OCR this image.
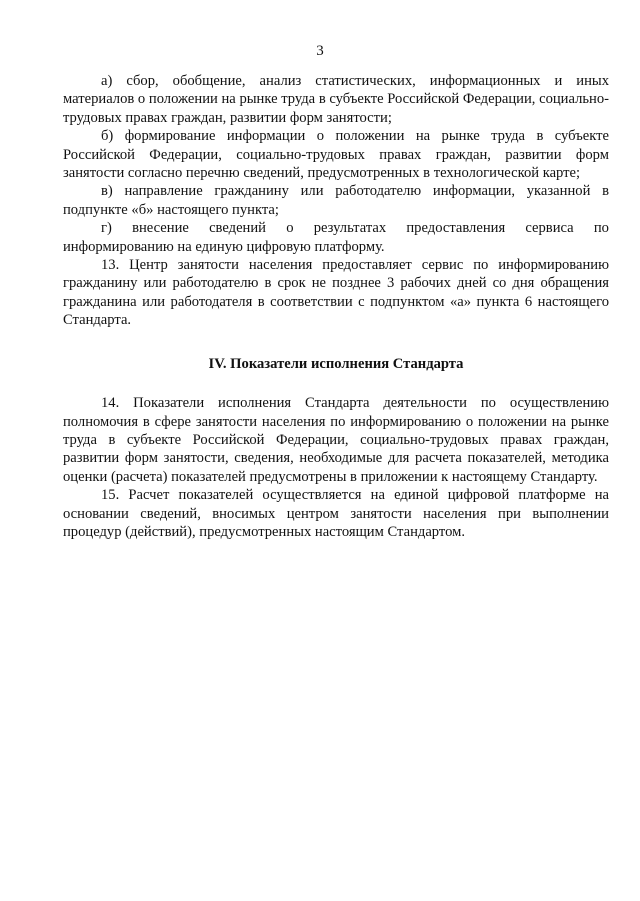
3

а) сбор, обобщение, анализ статистических, информационных и иных материалов о положении на рынке труда в субъекте Российской Федерации, социально-трудовых правах граждан, развитии форм занятости;

б) формирование информации о положении на рынке труда в субъекте Российской Федерации, социально-трудовых правах граждан, развитии форм занятости согласно перечню сведений, предусмотренных в технологической карте;

в) направление гражданину или работодателю информации, указанной в подпункте «б» настоящего пункта;

г) внесение сведений о результатах предоставления сервиса по

информированию на единую цифровую платформу.

13. Центр занятости населения предоставляет сервис по информированию гражданину или работодателю в срок не позднее 3 рабочих дней со дня обращения гражданина или работодателя в соответствии с подпунктом «а» пункта 6 настоящего Стандарта.

IV. Показатели исполнения Стандарта

14. Показатели исполнения Стандарта деятельности по осуществлению полномочия в сфере занятости населения по информированию о положении на рынке труда в субъекте Российской Федерации, социально-трудовых правах граждан, развитии форм занятости, сведения, необходимые для расчета показателей, методика оценки (расчета) показателей предусмотрены в приложении к настоящему Стандарту.

15. Расчет показателей осуществляется на единой цифровой платформе на основании сведений, вносимых центром занятости населения при выполнении процедур (действий), предусмотренных настоящим Стандартом.
